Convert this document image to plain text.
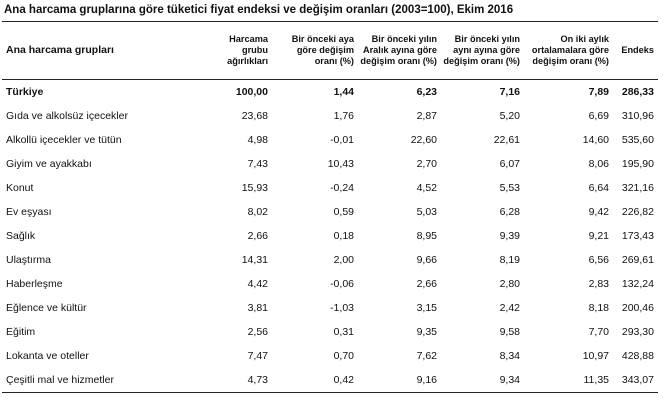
Ana harcama gruplarına göre tüketici fiyat endeksi ve değişim oranları (2003=100), Ekim 2016
Ana harcama grupları	Harcama grubu ağırlıkları	Bir önceki aya göre değişim oranı (%)	Bir önceki yılın Aralık ayına göre değişim oranı (%)	Bir önceki yılın aynı ayına göre değişim oranı (%)	On iki aylık ortalamalara göre değişim oranı (%)	Endeks
Türkiye	100,00	1,44	6,23	7,16	7,89	286,33
Gıda ve alkolsüz içecekler	23,68	1,76	2,87	5,20	6,69	310,96
Alkollü içecekler ve tütün	4,98	-0,01	22,60	22,61	14,60	535,60
Giyim ve ayakkabı	7,43	10,43	2,70	6,07	8,06	195,90
Konut	15,93	-0,24	4,52	5,53	6,64	321,16
Ev eşyası	8,02	0,59	5,03	6,28	9,42	226,82
Sağlık	2,66	0,18	8,95	9,39	9,21	173,43
Ulaştırma	14,31	2,00	9,66	8,19	6,56	269,61
Haberleşme	4,42	-0,06	2,66	2,80	2,83	132,24
Eğlence ve kültür	3,81	-1,03	3,15	2,42	8,18	200,46
Eğitim	2,56	0,31	9,35	9,58	7,70	293,30
Lokanta ve oteller	7,47	0,70	7,62	8,34	10,97	428,88
Çeşitli mal ve hizmetler	4,73	0,42	9,16	9,34	11,35	343,07
